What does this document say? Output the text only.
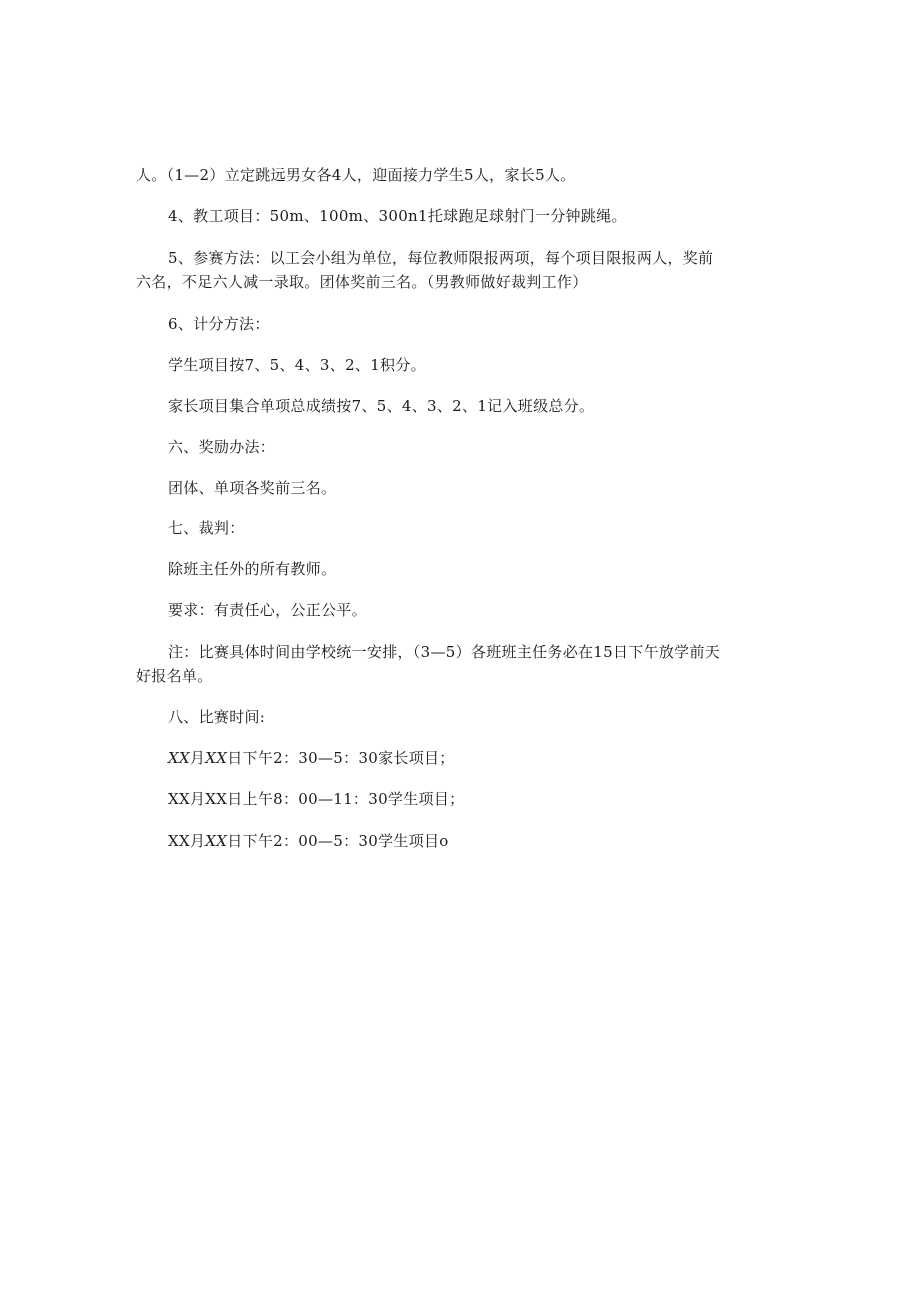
人。（1—2）立定跳远男女各4人，迎面接力学生5人，家长5人。
4、教工项目：50m、100m、300n1托球跑足球射门一分钟跳绳。
5、参赛方法：以工会小组为单位，每位教师限报两项，每个项目限报两人，奖前
六名，不足六人减一录取。团体奖前三名。（男教师做好裁判工作）
6、计分方法：
学生项目按7、5、4、3、2、1积分。
家长项目集合单项总成绩按7、5、4、3、2、1记入班级总分。
六、奖励办法：
团体、单项各奖前三名。
七、裁判：
除班主任外的所有教师。
要求：有责任心，公正公平。
注：比赛具体时间由学校统一安排，（3—5）各班班主任务必在15日下午放学前天
好报名单。
八、比赛时间:
XX月XX日下午2：30—5：30家长项目；
XX月XX日上午8：00—11：30学生项目；
XX月XX日下午2：00—5：30学生项目o
